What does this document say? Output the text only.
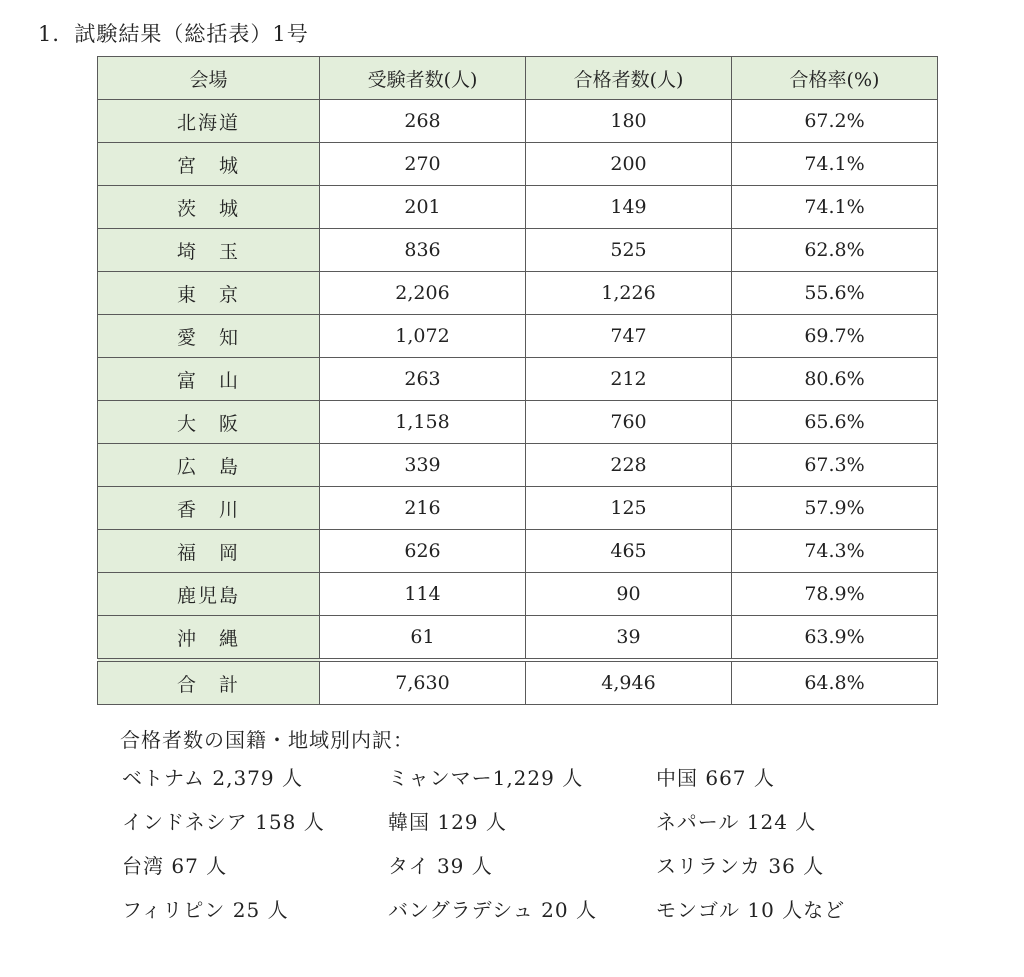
1．試験結果（総括表）1号
会場	受験者数(人)	合格者数(人)	合格率(%)
北海道	268	180	67.2%
宮　城	270	200	74.1%
茨　城	201	149	74.1%
埼　玉	836	525	62.8%
東　京	2,206	1,226	55.6%
愛　知	1,072	747	69.7%
富　山	263	212	80.6%
大　阪	1,158	760	65.6%
広　島	339	228	67.3%
香　川	216	125	57.9%
福　岡	626	465	74.3%
鹿児島	114	90	78.9%
沖　縄	61	39	63.9%
合　計	7,630	4,946	64.8%
合格者数の国籍・地域別内訳：
ベトナム 2,379 人	ミャンマー1,229 人	中国 667 人
インドネシア 158 人	韓国 129 人	ネパール 124 人
台湾 67 人	タイ 39 人	スリランカ 36 人
フィリピン 25 人	バングラデシュ 20 人	モンゴル 10 人など
